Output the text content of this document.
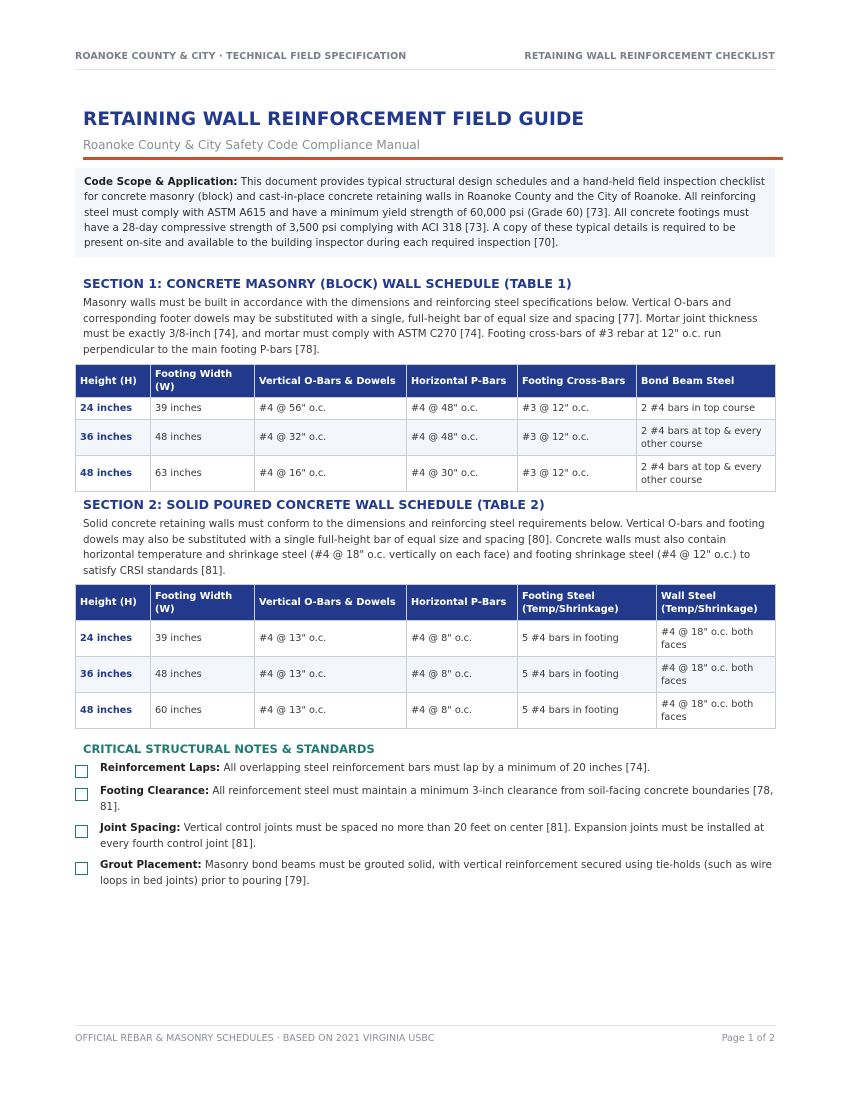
ROANOKE COUNTY & CITY · TECHNICAL FIELD SPECIFICATION	RETAINING WALL REINFORCEMENT CHECKLIST
RETAINING WALL REINFORCEMENT FIELD GUIDE
Roanoke County & City Safety Code Compliance Manual
Code Scope & Application: This document provides typical structural design schedules and a hand-held field inspection checklist for concrete masonry (block) and cast-in-place concrete retaining walls in Roanoke County and the City of Roanoke. All reinforcing steel must comply with ASTM A615 and have a minimum yield strength of 60,000 psi (Grade 60) [73]. All concrete footings must have a 28-day compressive strength of 3,500 psi complying with ACI 318 [73]. A copy of these typical details is required to be present on-site and available to the building inspector during each required inspection [70].
SECTION 1: CONCRETE MASONRY (BLOCK) WALL SCHEDULE (TABLE 1)
Masonry walls must be built in accordance with the dimensions and reinforcing steel specifications below. Vertical O-bars and corresponding footer dowels may be substituted with a single, full-height bar of equal size and spacing [77]. Mortar joint thickness must be exactly 3/8-inch [74], and mortar must comply with ASTM C270 [74]. Footing cross-bars of #3 rebar at 12" o.c. run perpendicular to the main footing P-bars [78].
Height (H)	Footing Width (W)	Vertical O-Bars & Dowels	Horizontal P-Bars	Footing Cross-Bars	Bond Beam Steel
24 inches	39 inches	#4 @ 56" o.c.	#4 @ 48" o.c.	#3 @ 12" o.c.	2 #4 bars in top course
36 inches	48 inches	#4 @ 32" o.c.	#4 @ 48" o.c.	#3 @ 12" o.c.	2 #4 bars at top & every other course
48 inches	63 inches	#4 @ 16" o.c.	#4 @ 30" o.c.	#3 @ 12" o.c.	2 #4 bars at top & every other course
SECTION 2: SOLID POURED CONCRETE WALL SCHEDULE (TABLE 2)
Solid concrete retaining walls must conform to the dimensions and reinforcing steel requirements below. Vertical O-bars and footing dowels may also be substituted with a single full-height bar of equal size and spacing [80]. Concrete walls must also contain horizontal temperature and shrinkage steel (#4 @ 18" o.c. vertically on each face) and footing shrinkage steel (#4 @ 12" o.c.) to satisfy CRSI standards [81].
Height (H)	Footing Width (W)	Vertical O-Bars & Dowels	Horizontal P-Bars	Footing Steel (Temp/Shrinkage)	Wall Steel (Temp/Shrinkage)
24 inches	39 inches	#4 @ 13" o.c.	#4 @ 8" o.c.	5 #4 bars in footing	#4 @ 18" o.c. both faces
36 inches	48 inches	#4 @ 13" o.c.	#4 @ 8" o.c.	5 #4 bars in footing	#4 @ 18" o.c. both faces
48 inches	60 inches	#4 @ 13" o.c.	#4 @ 8" o.c.	5 #4 bars in footing	#4 @ 18" o.c. both faces
CRITICAL STRUCTURAL NOTES & STANDARDS
Reinforcement Laps: All overlapping steel reinforcement bars must lap by a minimum of 20 inches [74].
Footing Clearance: All reinforcement steel must maintain a minimum 3-inch clearance from soil-facing concrete boundaries [78, 81].
Joint Spacing: Vertical control joints must be spaced no more than 20 feet on center [81]. Expansion joints must be installed at every fourth control joint [81].
Grout Placement: Masonry bond beams must be grouted solid, with vertical reinforcement secured using tie-holds (such as wire loops in bed joints) prior to pouring [79].
OFFICIAL REBAR & MASONRY SCHEDULES · BASED ON 2021 VIRGINIA USBC	Page 1 of 2
